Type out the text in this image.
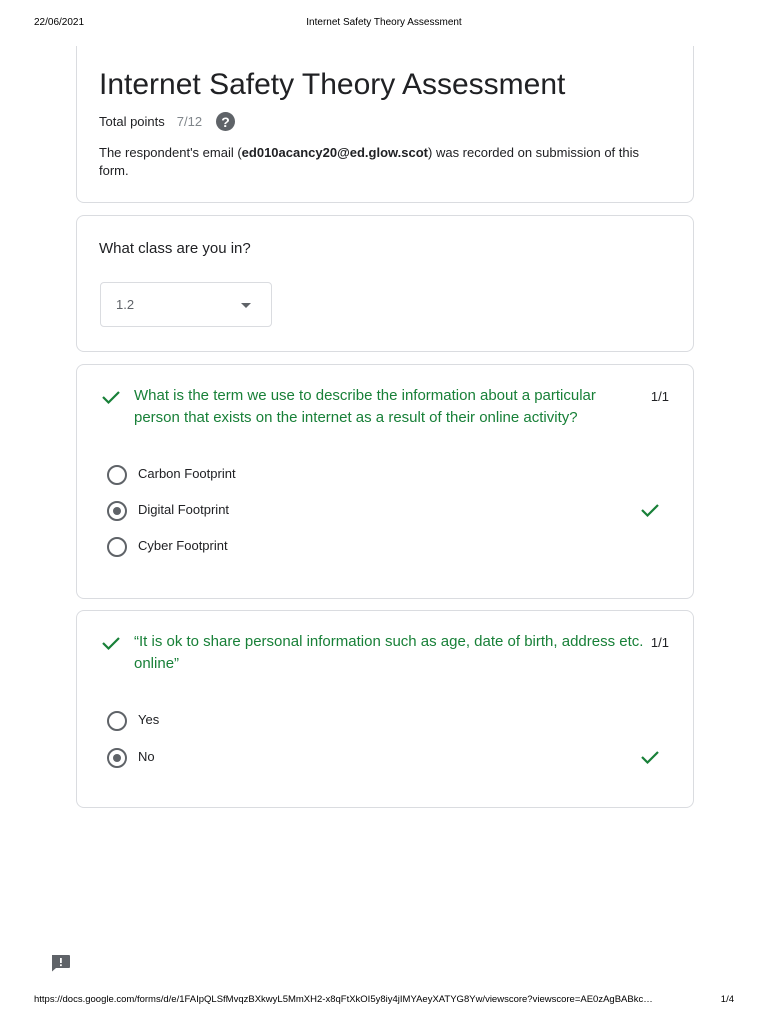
22/06/2021	Internet Safety Theory Assessment
Internet Safety Theory Assessment
Total points 7/12	?
The respondent's email (ed010acancy20@ed.glow.scot) was recorded on submission of this form.
What class are you in?
1.2
What is the term we use to describe the information about a particular person that exists on the internet as a result of their online activity?
1/1
Carbon Footprint
Digital Footprint
Cyber Footprint
“It is ok to share personal information such as age, date of birth, address etc. online”
1/1
Yes
No
https://docs.google.com/forms/d/e/1FAIpQLSfMvqzBXkwyL5MmXH2-x8qFtXkOI5y8iy4jIMYAeyXATYG8Yw/viewscore?viewscore=AE0zAgBABkc…	1/4
